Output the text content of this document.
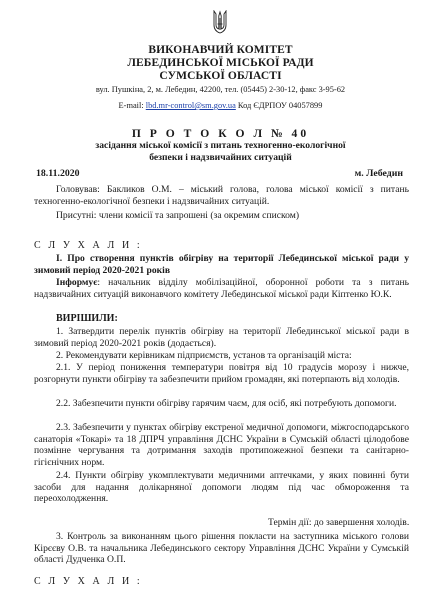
ВИКОНАВЧИЙ КОМІТЕТ
ЛЕБЕДИНСЬКОЇ МІСЬКОЇ РАДИ
СУМСЬКОЇ ОБЛАСТІ
вул. Пушкіна, 2, м. Лебедин, 42200, тел. (05445) 2-30-12, факс 3-95-62
E-mail: lbd.mr-control@sm.gov.ua Код ЄДРПОУ 04057899
П Р О Т О К О Л № 40
засідання міської комісії з питань техногенно-екологічної
безпеки і надзвичайних ситуацій
18.11.2020	м. Лебедин
Головував: Бакликов О.М. – міський голова, голова міської комісії з питань техногенно-екологічної безпеки і надзвичайних ситуацій.
Присутні: члени комісії та запрошені (за окремим списком)
С Л У Х А Л И :
I. Про створення пунктів обігріву на території Лебединської міської ради у зимовий період 2020-2021 років
Інформує: начальник відділу мобілізаційної, оборонної роботи та з питань надзвичайних ситуацій виконавчого комітету Лебединської міської ради Кіптенко Ю.К.
ВИРІШИЛИ:
1. Затвердити перелік пунктів обігріву на території Лебединської міської ради в зимовий період 2020-2021 років (додається).
2. Рекомендувати керівникам підприємств, установ та організацій міста:
2.1. У період пониження температури повітря від 10 градусів морозу і нижче, розгорнути пункти обігріву та забезпечити прийом громадян, які потерпають від холодів.
2.2. Забезпечити пункти обігріву гарячим чаєм, для осіб, які потребують допомоги.
2.3. Забезпечити у пунктах обігріву екстреної медичної допомоги, міжгосподарського санаторія «Токарі» та 18 ДПРЧ управління ДСНС України в Сумській області цілодобове позмінне чергування та дотримання заходів протипожежної безпеки та санітарно-гігієнічних норм.
2.4. Пункти обігріву укомплектувати медичними аптечками, у яких повинні бути засоби для надання долікарняної допомоги людям під час обмороження та переохолодження.
Термін дії: до завершення холодів.
3. Контроль за виконанням цього рішення покласти на заступника міського голови Кірєєву О.В. та начальника Лебединського сектору Управління ДСНС України у Сумській області Дудченка О.П.
С Л У Х А Л И :
